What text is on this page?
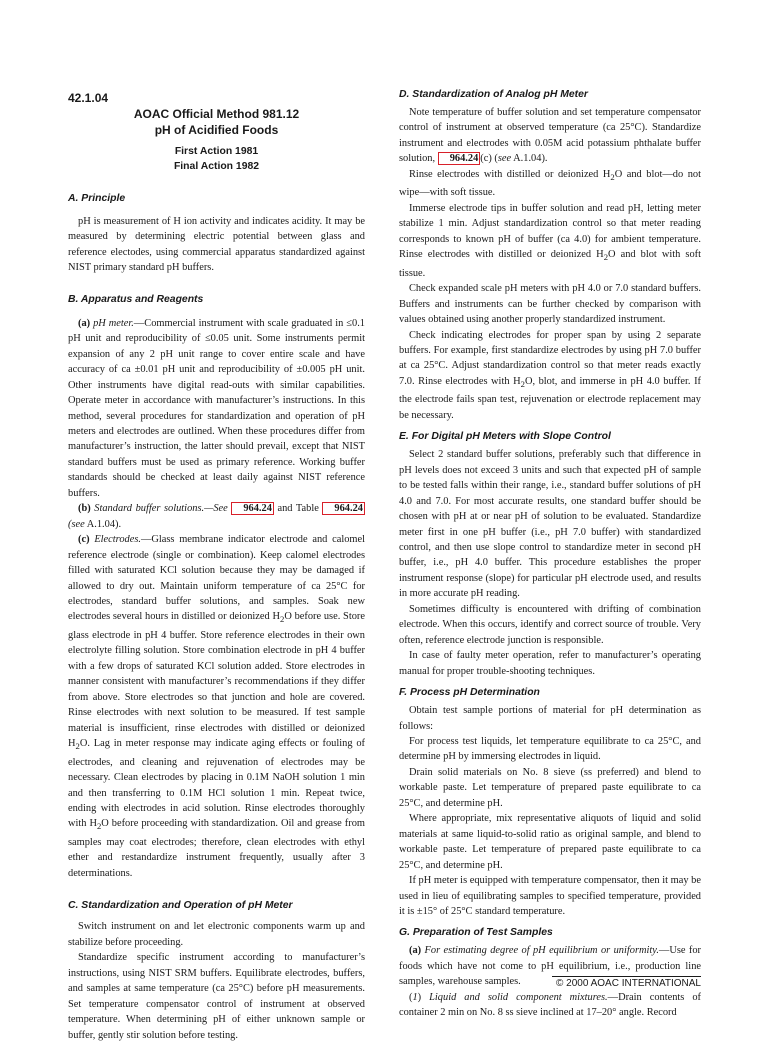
42.1.04
AOAC Official Method 981.12
pH of Acidified Foods
First Action 1981
Final Action 1982
A. Principle

pH is measurement of H ion activity and indicates acidity. It may be measured by determining electric potential between glass and reference electodes, using commercial apparatus standardized against NIST primary standard pH buffers.

B. Apparatus and Reagents

(a) pH meter.—Commercial instrument with scale graduated in ≤0.1 pH unit and reproducibility of ≤0.05 unit. Some instruments permit expansion of any 2 pH unit range to cover entire scale and have accuracy of ca ±0.01 pH unit and reproducibility of ±0.005 pH unit. Other instruments have digital read-outs with similar capabilities. Operate meter in accordance with manufacturer’s instructions. In this method, several procedures for standardization and operation of pH meters and electrodes are outlined. When these procedures differ from manufacturer’s instruction, the latter should prevail, except that NIST standard buffers must be used as primary reference. Working buffer standards should be checked at least daily against NIST reference buffers.

(b) Standard buffer solutions.—See 964.24 and Table 964.24 (see A.1.04).

(c) Electrodes.—Glass membrane indicator electrode and calomel reference electrode (single or combination). Keep calomel electrodes filled with saturated KCl solution because they may be damaged if allowed to dry out. Maintain uniform temperature of ca 25°C for electrodes, standard buffer solutions, and samples. Soak new electrodes several hours in distilled or deionized $H_2O$ before use. Store glass electrode in pH 4 buffer. Store reference electrodes in their own electrolyte filling solution. Store combination electrode in pH 4 buffer with a few drops of saturated KCl solution added. Store electrodes in manner consistent with manufacturer’s recommendations if they differ from above. Store electrodes so that junction and hole are covered. Rinse electrodes with next solution to be measured. If test sample material is insufficient, rinse electrodes with distilled or deionized $H_2O$. Lag in meter response may indicate aging effects or fouling of electrodes, and cleaning and rejuvenation of electrodes may be necessary. Clean electrodes by placing in 0.1M NaOH solution 1 min and then transferring to 0.1M HCl solution 1 min. Repeat twice, ending with electrodes in acid solution. Rinse electrodes thoroughly with $H_2O$ before proceeding with standardization. Oil and grease from samples may coat electrodes; therefore, clean electrodes with ethyl ether and restandardize instrument frequently, usually after 3 determinations.

C. Standardization and Operation of pH Meter

Switch instrument on and let electronic components warm up and stabilize before proceeding.

Standardize specific instrument according to manufacturer’s instructions, using NIST SRM buffers. Equilibrate electrodes, buffers, and samples at same temperature (ca 25°C) before pH measurements. Set temperature compensator control of instrument at observed temperature. When determining pH of either unknown sample or buffer, gently stir solution before testing.

D. Standardization of Analog pH Meter

Note temperature of buffer solution and set temperature compensator control of instrument at observed temperature (ca 25°C). Standardize instrument and electrodes with 0.05M acid potassium phthalate buffer solution, 964.24 (c) (see A.1.04).

Rinse electrodes with distilled or deionized $H_2O$ and blot—do not wipe—with soft tissue.

Immerse electrode tips in buffer solution and read pH, letting meter stabilize 1 min. Adjust standardization control so that meter reading corresponds to known pH of buffer (ca 4.0) for ambient temperature. Rinse electrodes with distilled or deionized $H_2O$ and blot with soft tissue.

Check expanded scale pH meters with pH 4.0 or 7.0 standard buffers. Buffers and instruments can be further checked by comparison with values obtained using another properly standardized instrument.

Check indicating electrodes for proper span by using 2 separate buffers. For example, first standardize electrodes by using pH 7.0 buffer at ca 25°C. Adjust standardization control so that meter reads exactly 7.0. Rinse electrodes with $H_2O$, blot, and immerse in pH 4.0 buffer. If the electrode fails span test, rejuvenation or electrode replacement may be necessary.

E. For Digital pH Meters with Slope Control

Select 2 standard buffer solutions, preferably such that difference in pH levels does not exceed 3 units and such that expected pH of sample to be tested falls within their range, i.e., standard buffer solutions of pH 4.0 and 7.0. For most accurate results, one standard buffer should be chosen with pH at or near pH of solution to be evaluated. Standardize meter first in one pH buffer (i.e., pH 7.0 buffer) with standardized control, and then use slope control to standardize meter in second pH buffer, i.e., pH 4.0 buffer. This procedure establishes the proper instrument response (slope) for particular pH electrode used, and results in more accurate pH reading.

Sometimes difficulty is encountered with drifting of combination electrode. When this occurs, identify and correct source of trouble. Very often, reference electrode junction is responsible.

In case of faulty meter operation, refer to manufacturer’s operating manual for proper trouble-shooting techniques.

F. Process pH Determination

Obtain test sample portions of material for pH determination as follows:

For process test liquids, let temperature equilibrate to ca 25°C, and determine pH by immersing electrodes in liquid.

Drain solid materials on No. 8 sieve (ss preferred) and blend to workable paste. Let temperature of prepared paste equilibrate to ca 25°C, and determine pH.

Where appropriate, mix representative aliquots of liquid and solid materials at same liquid-to-solid ratio as original sample, and blend to workable paste. Let temperature of prepared paste equilibrate to ca 25°C, and determine pH.

If pH meter is equipped with temperature compensator, then it may be used in lieu of equilibrating samples to specified temperature, provided it is ±15° of 25°C standard temperature.

G. Preparation of Test Samples

(a) For estimating degree of pH equilibrium or uniformity.—Use for foods which have not come to pH equilibrium, i.e., production line samples, warehouse samples.

(1) Liquid and solid component mixtures.—Drain contents of container 2 min on No. 8 ss sieve inclined at 17–20° angle. Record

© 2000 AOAC INTERNATIONAL
